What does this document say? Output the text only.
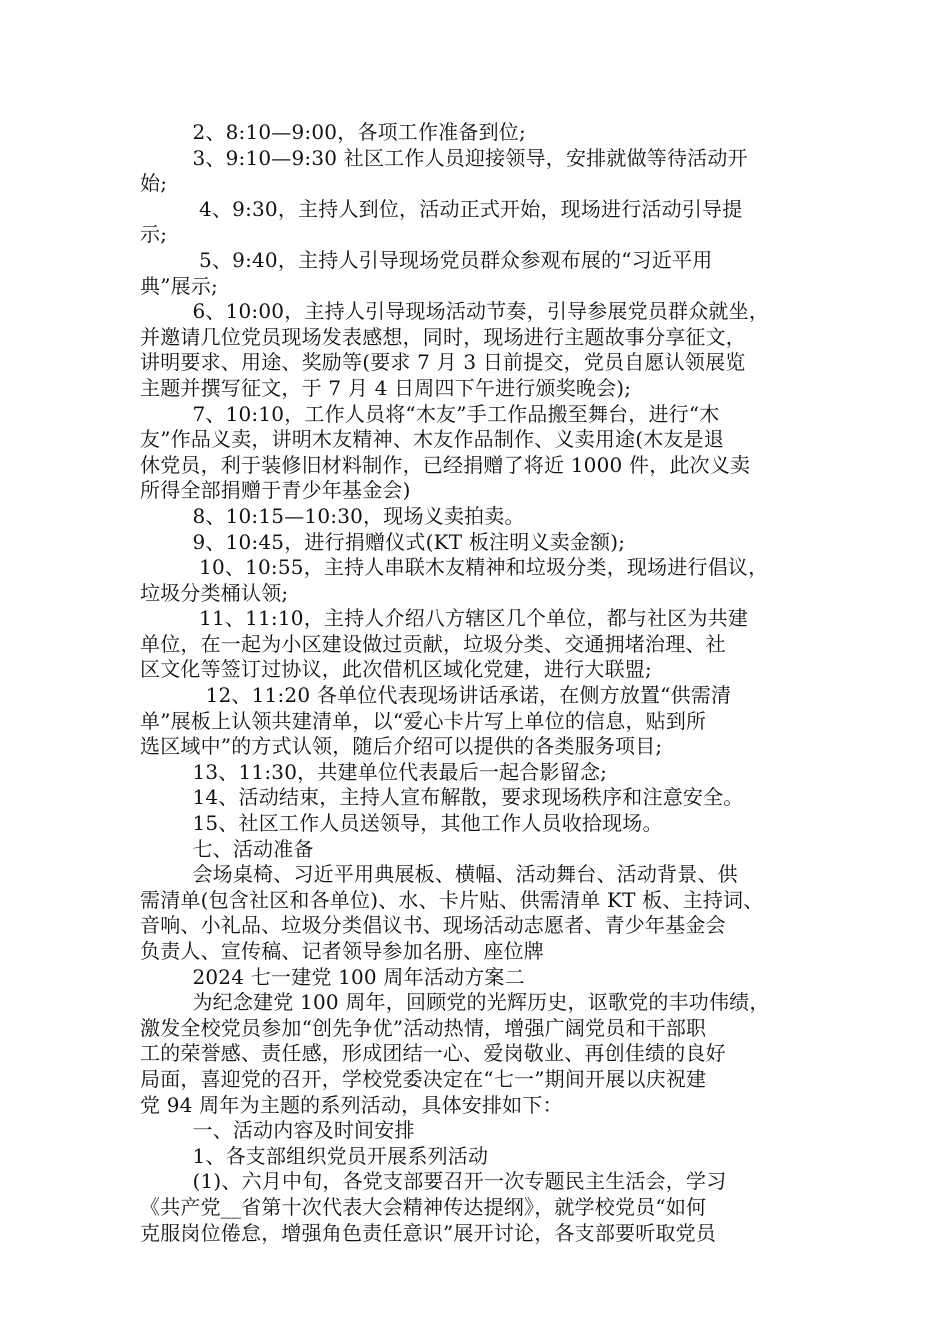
2、8:10—9:00，各项工作准备到位;
3、9:10—9:30 社区工作人员迎接领导，安排就做等待活动开
始;
4、9:30，主持人到位，活动正式开始，现场进行活动引导提
示;
5、9:40，主持人引导现场党员群众参观布展的“习近平用
典”展示;
6、10:00，主持人引导现场活动节奏，引导参展党员群众就坐，
并邀请几位党员现场发表感想，同时，现场进行主题故事分享征文，
讲明要求、用途、奖励等(要求 7 月 3 日前提交，党员自愿认领展览
主题并撰写征文，于 7 月 4 日周四下午进行颁奖晚会);
7、10:10，工作人员将“木友”手工作品搬至舞台，进行“木
友”作品义卖，讲明木友精神、木友作品制作、义卖用途(木友是退
休党员，利于装修旧材料制作，已经捐赠了将近 1000 件，此次义卖
所得全部捐赠于青少年基金会)
8、10:15—10:30，现场义卖拍卖。
9、10:45，进行捐赠仪式(KT 板注明义卖金额);
10、10:55，主持人串联木友精神和垃圾分类，现场进行倡议，
垃圾分类桶认领;
11、11:10，主持人介绍八方辖区几个单位，都与社区为共建
单位，在一起为小区建设做过贡献，垃圾分类、交通拥堵治理、社
区文化等签订过协议，此次借机区域化党建，进行大联盟;
12、11:20 各单位代表现场讲话承诺，在侧方放置“供需清
单”展板上认领共建清单，以“爱心卡片写上单位的信息，贴到所
选区域中”的方式认领，随后介绍可以提供的各类服务项目;
13、11:30，共建单位代表最后一起合影留念;
14、活动结束，主持人宣布解散，要求现场秩序和注意安全。
15、社区工作人员送领导，其他工作人员收拾现场。
七、活动准备
会场桌椅、习近平用典展板、横幅、活动舞台、活动背景、供
需清单(包含社区和各单位)、水、卡片贴、供需清单 KT 板、主持词、
音响、小礼品、垃圾分类倡议书、现场活动志愿者、青少年基金会
负责人、宣传稿、记者领导参加名册、座位牌
2024 七一建党 100 周年活动方案二
为纪念建党 100 周年，回顾党的光辉历史，讴歌党的丰功伟绩，
激发全校党员参加“创先争优”活动热情，增强广阔党员和干部职
工的荣誉感、责任感，形成团结一心、爱岗敬业、再创佳绩的良好
局面，喜迎党的召开，学校党委决定在“七一”期间开展以庆祝建
党 94 周年为主题的系列活动，具体安排如下：
一、活动内容及时间安排
1、各支部组织党员开展系列活动
(1)、六月中旬，各党支部要召开一次专题民主生活会，学习
《共产党__省第十次代表大会精神传达提纲》，就学校党员“如何
克服岗位倦怠，增强角色责任意识”展开讨论，各支部要听取党员
